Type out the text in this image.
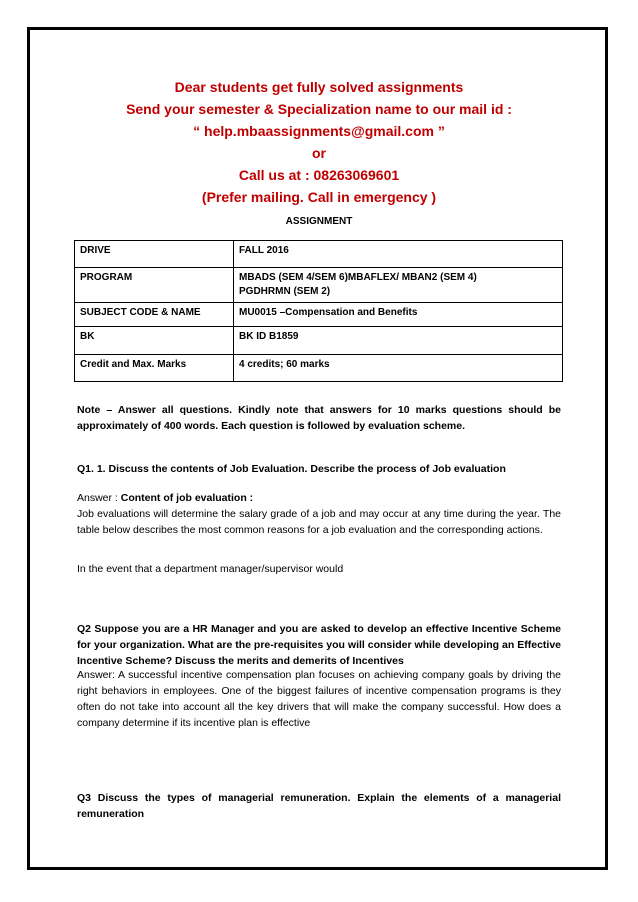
Dear students get fully solved assignments
Send your semester & Specialization name to our mail id :
“ help.mbaassignments@gmail.com ”
or
Call us at : 08263069601
(Prefer mailing. Call in emergency )
ASSIGNMENT
DRIVE	FALL 2016
PROGRAM	MBADS (SEM 4/SEM 6)MBAFLEX/ MBAN2 (SEM 4)
PGDHRMN (SEM 2)

SUBJECT CODE & NAME	MU0015 –Compensation and Benefits
BK	BK ID B1859
Credit and Max. Marks	4 credits; 60 marks
Note – Answer all questions. Kindly note that answers for 10 marks questions should be approximately of 400 words. Each question is followed by evaluation scheme.
Q1. 1. Discuss the contents of Job Evaluation. Describe the process of Job evaluation
Answer : Content of job evaluation :
Job evaluations will determine the salary grade of a job and may occur at any time during the year. The table below describes the most common reasons for a job evaluation and the corresponding actions.
In the event that a department manager/supervisor would
Q2 Suppose you are a HR Manager and you are asked to develop an effective Incentive Scheme for your organization. What are the pre-requisites you will consider while developing an Effective Incentive Scheme? Discuss the merits and demerits of Incentives
Answer: A successful incentive compensation plan focuses on achieving company goals by driving the right behaviors in employees. One of the biggest failures of incentive compensation programs is they often do not take into account all the key drivers that will make the company successful. How does a company determine if its incentive plan is effective
Q3 Discuss the types of managerial remuneration. Explain the elements of a managerial remuneration
